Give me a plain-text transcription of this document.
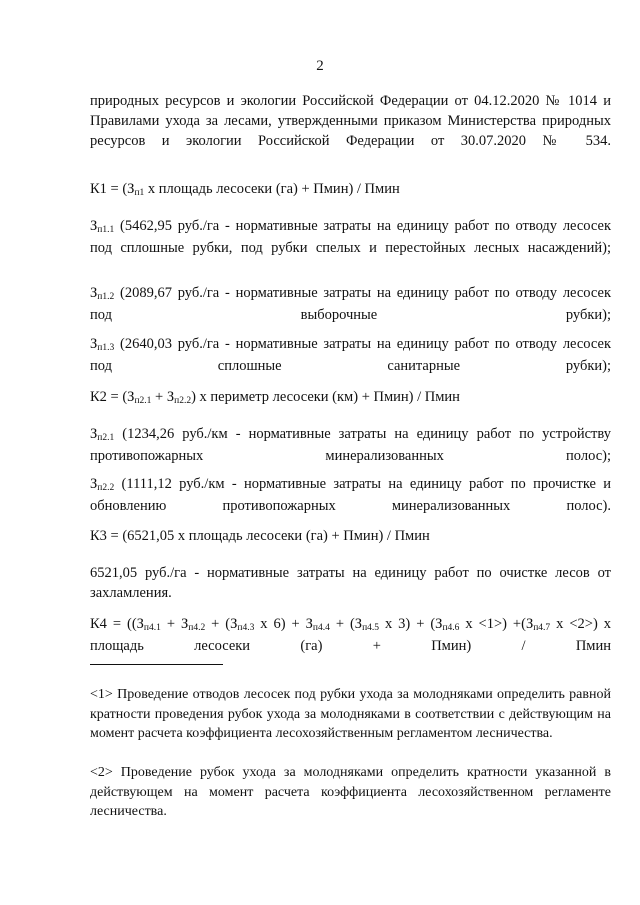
2

природных ресурсов и экологии Российской Федерации от 04.12.2020 № 1014 и Правилами ухода за лесами, утвержденными приказом Министерства природных ресурсов и экологии Российской Федерации от 30.07.2020 № 534.

$К1 = (З_{п1}$ х площадь лесосеки (га) + Пмин) / Пмин

$З_{п1.1}$ (5462,95 руб./га - нормативные затраты на единицу работ по отводу лесосек под сплошные рубки, под рубки спелых и перестойных лесных насаждений);

$З_{п1.2}$ (2089,67 руб./га - нормативные затраты на единицу работ по отводу лесосек под выборочные рубки);

$З_{п1.3}$ (2640,03 руб./га - нормативные затраты на единицу работ по отводу лесосек под сплошные санитарные рубки);

$К2 = (З_{п2.1} + З_{п2.2})$ х периметр лесосеки (км) + Пмин) / Пмин

$З_{п2.1}$ (1234,26 руб./км - нормативные затраты на единицу работ по устройству противопожарных минерализованных полос);

$З_{п2.2}$ (1111,12 руб./км - нормативные затраты на единицу работ по прочистке и обновлению противопожарных минерализованных полос).

К3 = (6521,05 х площадь лесосеки (га) + Пмин) / Пмин

6521,05 руб./га - нормативные затраты на единицу работ по очистке лесов от захламления.

$К4 = ((З_{п4.1} + З_{п4.2} + (З_{п4.3}$ х $6) + З_{п4.4} + (З_{п4.5}$ х $3) + (З_{п4.6}$ $х <1>) +(З_{п4.7}$ х <2>) х площадь лесосеки (га) + Пмин) / Пмин

<1> Проведение отводов лесосек под рубки ухода за молодняками определить равной кратности проведения рубок ухода за молодняками в соответствии с действующим на момент расчета коэффициента лесохозяйственным регламентом лесничества.

<2> Проведение рубок ухода за молодняками определить кратности указанной в действующем на момент расчета коэффициента лесохозяйственном регламенте лесничества.
